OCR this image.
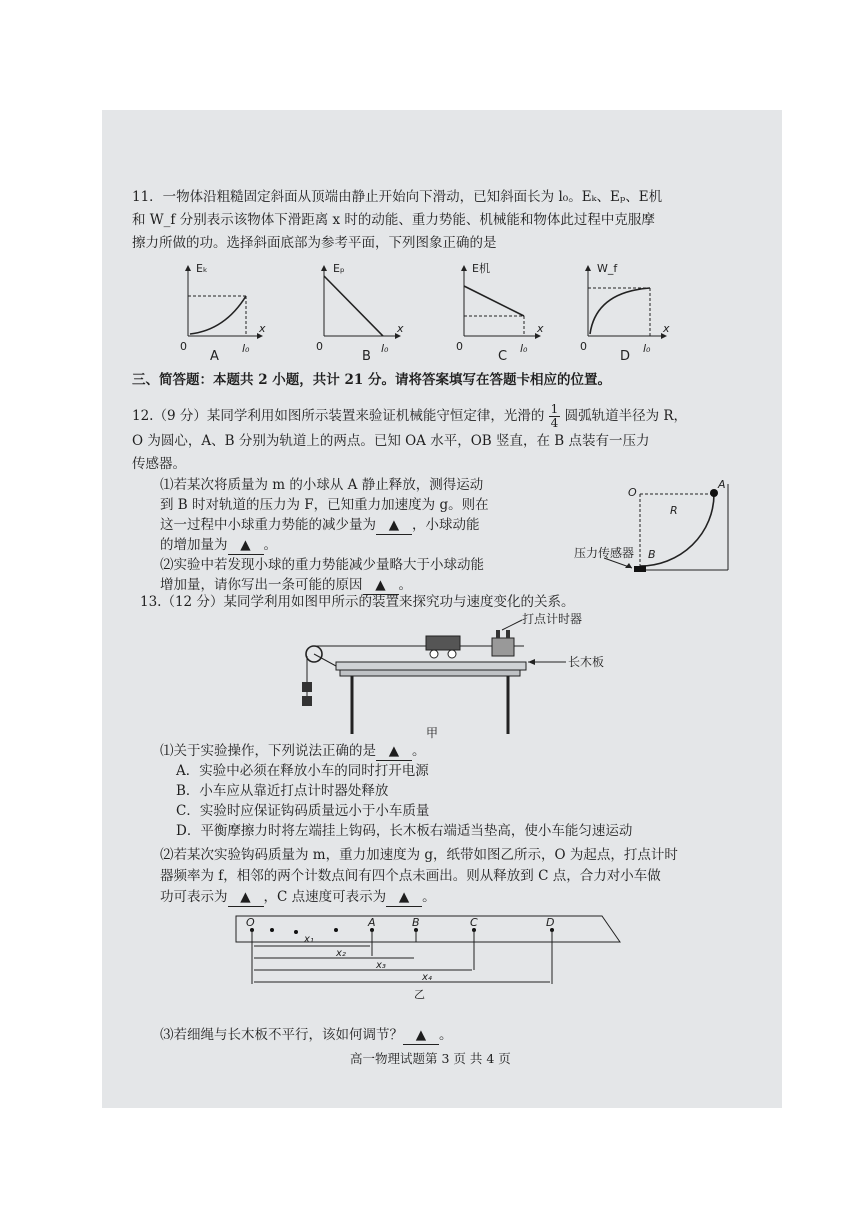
11．一物体沿粗糙固定斜面从顶端由静止开始向下滑动，已知斜面长为 l₀。Eₖ、Eₚ、E机
和 W_f 分别表示该物体下滑距离 x 时的动能、重力势能、机械能和物体此过程中克服摩
擦力所做的功。选择斜面底部为参考平面，下列图象正确的是
Eₖ
x
0	l₀
A
Eₚ
x
0	l₀
B
E机
x
0	l₀
C
W_f
x
0	l₀
D
三、简答题：本题共 2 小题，共计 21 分。请将答案填写在答题卡相应的位置。
12.（9 分）某同学利用如图所示装置来验证机械能守恒定律，光滑的 $\frac{1}{4}$ 圆弧轨道半径为 R，
O 为圆心，A、B 分别为轨道上的两点。已知 OA 水平，OB 竖直，在 B 点装有一压力
传感器。
⑴若某次将质量为 m 的小球从 A 静止释放，测得运动
到 B 时对轨道的压力为 F，已知重力加速度为 g。则在
这一过程中小球重力势能的减少量为 ▲ ，小球动能
的增加量为 ▲ 。
⑵实验中若发现小球的重力势能减少量略大于小球动能
增加量，请你写出一条可能的原因 ▲ 。
O
A
R
B
压力传感器
13.（12 分）某同学利用如图甲所示的装置来探究功与速度变化的关系。
打点计时器
长木板
甲
⑴关于实验操作，下列说法正确的是 ▲ 。
A．实验中必须在释放小车的同时打开电源
B．小车应从靠近打点计时器处释放
C．实验时应保证钩码质量远小于小车质量
D．平衡摩擦力时将左端挂上钩码，长木板右端适当垫高，使小车能匀速运动
⑵若某次实验钩码质量为 m，重力加速度为 g，纸带如图乙所示，O 为起点，打点计时
器频率为 f，相邻的两个计数点间有四个点未画出。则从释放到 C 点，合力对小车做
功可表示为 ▲ ，C 点速度可表示为 ▲ 。
O	A	B	C	D
x₁
x₂
x₃
x₄
乙
⑶若细绳与长木板不平行，该如何调节？ ▲ 。
高一物理试题第 3 页 共 4 页
